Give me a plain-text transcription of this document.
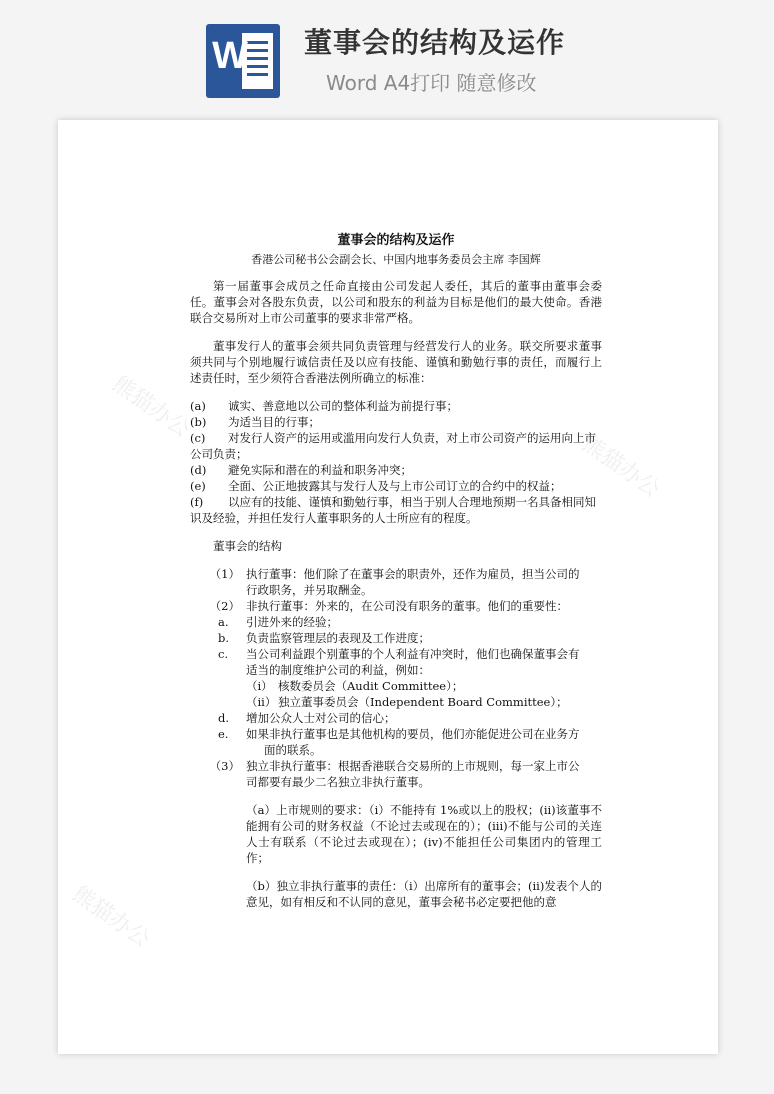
W 董事会的结构及运作
Word A4打印 随意修改
熊猫办公
熊猫办公
熊猫办公
董事会的结构及运作
香港公司秘书公会副会长、中国内地事务委员会主席 李国辉

第一届董事会成员之任命直接由公司发起人委任，其后的董事由董事会委任。董事会对各股东负责，以公司和股东的利益为目标是他们的最大使命。香港联合交易所对上市公司董事的要求非常严格。

董事发行人的董事会须共同负责管理与经营发行人的业务。联交所要求董事须共同与个别地履行诚信责任及以应有技能、谨慎和勤勉行事的责任，而履行上述责任时，至少须符合香港法例所确立的标准：

(a) 诚实、善意地以公司的整体利益为前提行事；
(b) 为适当目的行事；
(c) 对发行人资产的运用或滥用向发行人负责，对上市公司资产的运用向上市公司负责；
(d) 避免实际和潜在的利益和职务冲突；
(e) 全面、公正地披露其与发行人及与上市公司订立的合约中的权益；
(f) 以应有的技能、谨慎和勤勉行事，相当于别人合理地预期一名具备相同知识及经验，并担任发行人董事职务的人士所应有的程度。
董事会的结构
（1） 执行董事：他们除了在董事会的职责外，还作为雇员，担当公司的
行政职务，并另取酬金。
（2） 非执行董事：外来的，在公司没有职务的董事。他们的重要性：
a. 引进外来的经验；
b. 负责监察管理层的表现及工作进度；
c. 当公司利益跟个别董事的个人利益有冲突时，他们也确保董事会有
适当的制度维护公司的利益，例如：
（i） 核数委员会（Audit Committee）；
（ii） 独立董事委员会（Independent Board Committee）；
d. 增加公众人士对公司的信心；
e. 如果非执行董事也是其他机构的要员，他们亦能促进公司在业务方
面的联系。
（3） 独立非执行董事：根据香港联合交易所的上市规则，每一家上市公
司都要有最少二名独立非执行董事。

（a）上市规则的要求：（i）不能持有 1%或以上的股权；(ii)该董事不能拥有公司的财务权益（不论过去或现在的）；(iii)不能与公司的关连人士有联系（不论过去或现在）；(iv)不能担任公司集团内的管理工作；

（b）独立非执行董事的责任：（i）出席所有的董事会；(ii)发表个人的意见，如有相反和不认同的意见，董事会秘书必定要把他的意
